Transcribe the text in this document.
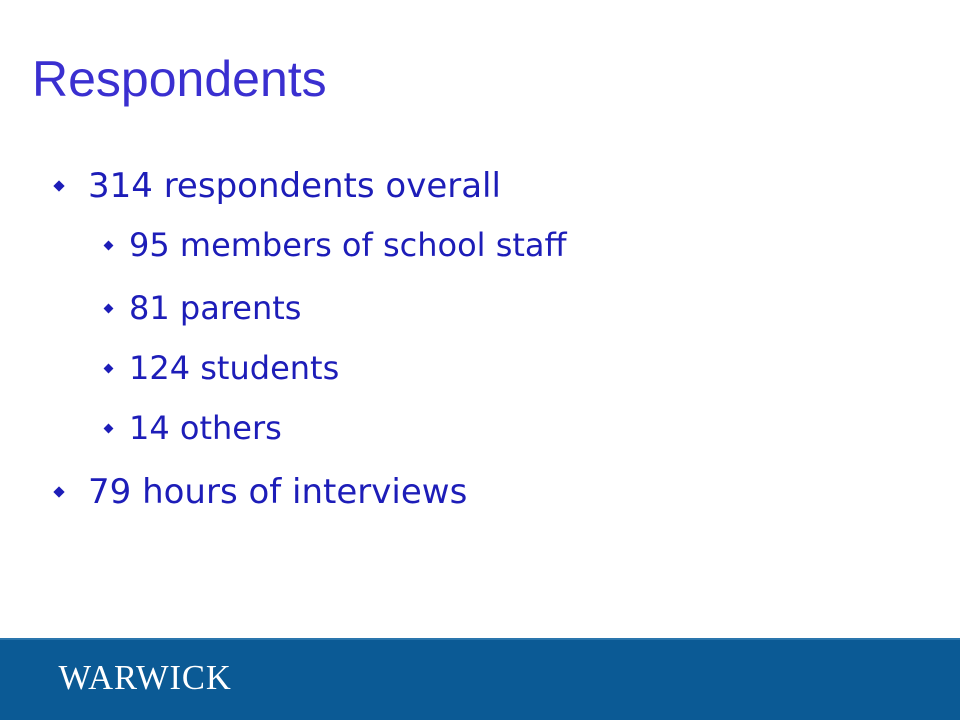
Respondents
314 respondents overall
95 members of school staff
81 parents
124 students
14 others
79 hours of interviews
WARWICK
